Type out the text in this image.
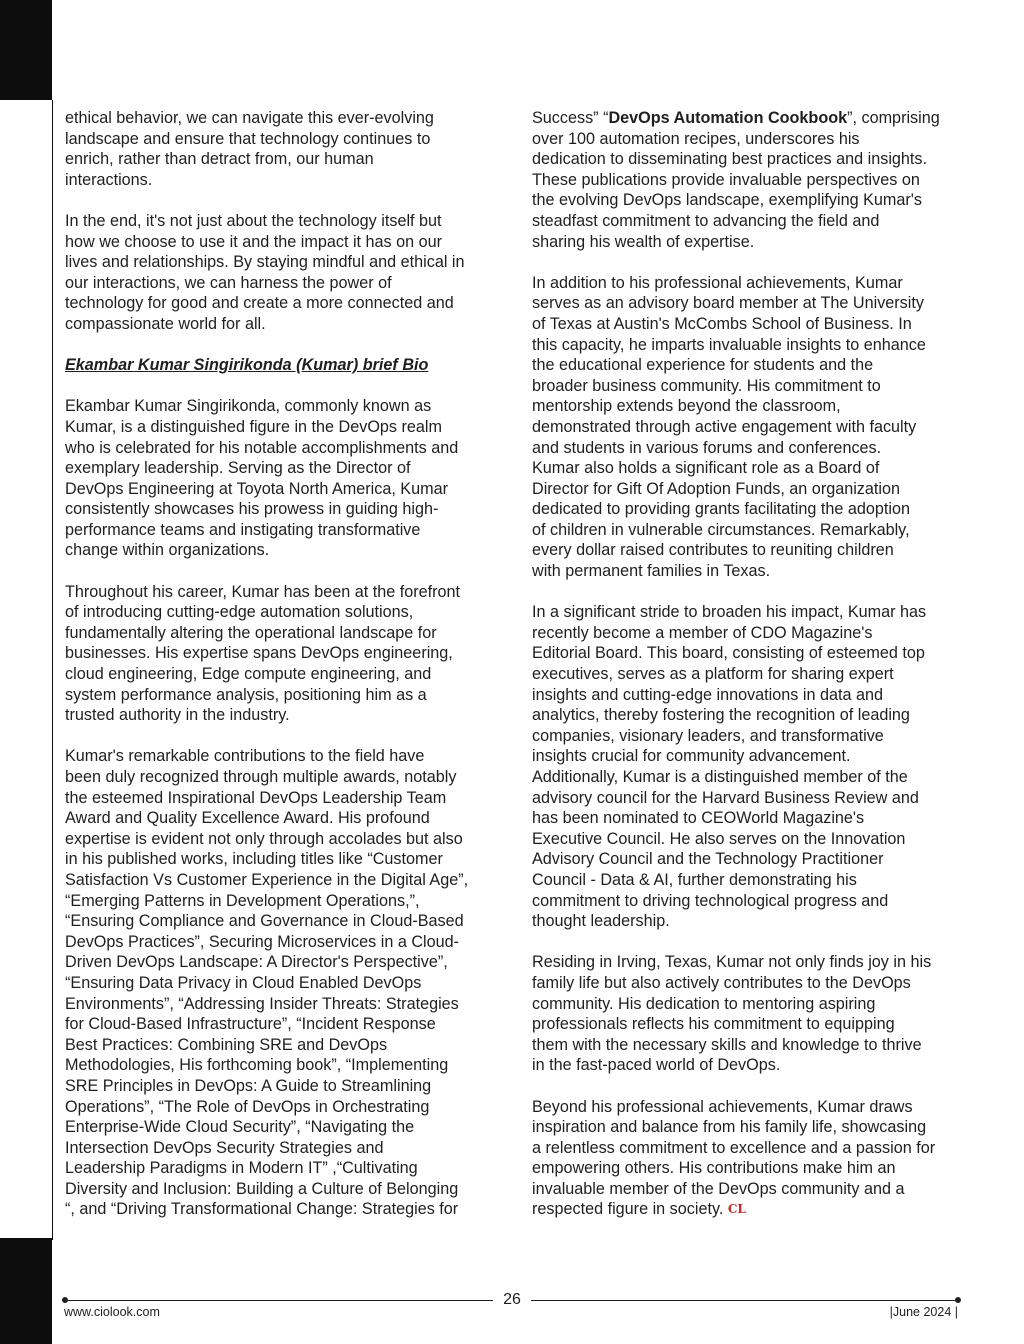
ethical behavior, we can navigate this ever-evolving
landscape and ensure that technology continues to
enrich, rather than detract from, our human
interactions.

In the end, it's not just about the technology itself but
how we choose to use it and the impact it has on our
lives and relationships. By staying mindful and ethical in
our interactions, we can harness the power of
technology for good and create a more connected and
compassionate world for all.

Ekambar Kumar Singirikonda (Kumar) brief Bio

Ekambar Kumar Singirikonda, commonly known as
Kumar, is a distinguished figure in the DevOps realm
who is celebrated for his notable accomplishments and
exemplary leadership. Serving as the Director of
DevOps Engineering at Toyota North America, Kumar
consistently showcases his prowess in guiding high-
performance teams and instigating transformative
change within organizations.

Throughout his career, Kumar has been at the forefront
of introducing cutting-edge automation solutions,
fundamentally altering the operational landscape for
businesses. His expertise spans DevOps engineering,
cloud engineering, Edge compute engineering, and
system performance analysis, positioning him as a
trusted authority in the industry.

Kumar's remarkable contributions to the field have
been duly recognized through multiple awards, notably
the esteemed Inspirational DevOps Leadership Team
Award and Quality Excellence Award. His profound
expertise is evident not only through accolades but also
in his published works, including titles like “Customer
Satisfaction Vs Customer Experience in the Digital Age”,
“Emerging Patterns in Development Operations,”,
“Ensuring Compliance and Governance in Cloud-Based
DevOps Practices”, Securing Microservices in a Cloud-
Driven DevOps Landscape: A Director's Perspective”,
“Ensuring Data Privacy in Cloud Enabled DevOps
Environments”, “Addressing Insider Threats: Strategies
for Cloud-Based Infrastructure”, “Incident Response
Best Practices: Combining SRE and DevOps
Methodologies, His forthcoming book”, “Implementing
SRE Principles in DevOps: A Guide to Streamlining
Operations”, “The Role of DevOps in Orchestrating
Enterprise-Wide Cloud Security”, “Navigating the
Intersection DevOps Security Strategies and
Leadership Paradigms in Modern IT” ,“Cultivating
Diversity and Inclusion: Building a Culture of Belonging
“, and “Driving Transformational Change: Strategies for

Success” “DevOps Automation Cookbook”, comprising
over 100 automation recipes, underscores his
dedication to disseminating best practices and insights.
These publications provide invaluable perspectives on
the evolving DevOps landscape, exemplifying Kumar's
steadfast commitment to advancing the field and
sharing his wealth of expertise.

In addition to his professional achievements, Kumar
serves as an advisory board member at The University
of Texas at Austin's McCombs School of Business. In
this capacity, he imparts invaluable insights to enhance
the educational experience for students and the
broader business community. His commitment to
mentorship extends beyond the classroom,
demonstrated through active engagement with faculty
and students in various forums and conferences.
Kumar also holds a significant role as a Board of
Director for Gift Of Adoption Funds, an organization
dedicated to providing grants facilitating the adoption
of children in vulnerable circumstances. Remarkably,
every dollar raised contributes to reuniting children
with permanent families in Texas.

In a significant stride to broaden his impact, Kumar has
recently become a member of CDO Magazine's
Editorial Board. This board, consisting of esteemed top
executives, serves as a platform for sharing expert
insights and cutting-edge innovations in data and
analytics, thereby fostering the recognition of leading
companies, visionary leaders, and transformative
insights crucial for community advancement.
Additionally, Kumar is a distinguished member of the
advisory council for the Harvard Business Review and
has been nominated to CEOWorld Magazine's
Executive Council. He also serves on the Innovation
Advisory Council and the Technology Practitioner
Council - Data & AI, further demonstrating his
commitment to driving technological progress and
thought leadership.

Residing in Irving, Texas, Kumar not only finds joy in his
family life but also actively contributes to the DevOps
community. His dedication to mentoring aspiring
professionals reflects his commitment to equipping
them with the necessary skills and knowledge to thrive
in the fast-paced world of DevOps.

Beyond his professional achievements, Kumar draws
inspiration and balance from his family life, showcasing
a relentless commitment to excellence and a passion for
empowering others. His contributions make him an
invaluable member of the DevOps community and a
respected figure in society. CL

26
www.ciolook.com	|June 2024 |
